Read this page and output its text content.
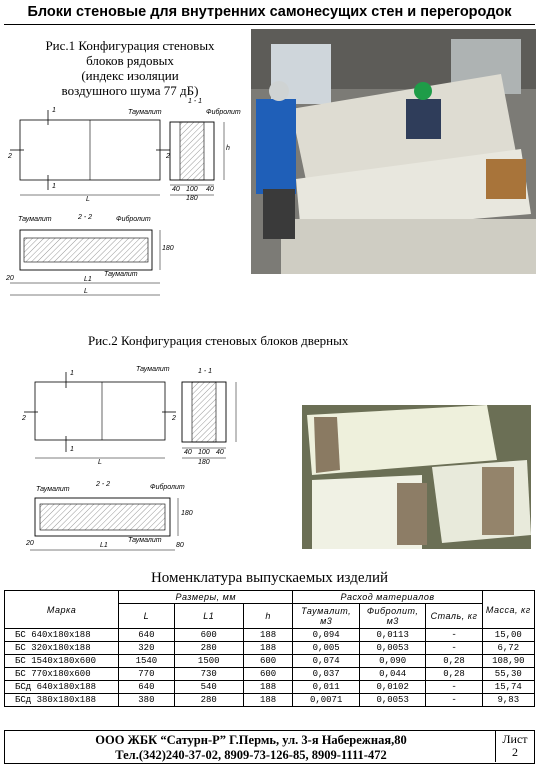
Блоки стеновые для внутренних самонесущих стен и перегородок
Рис.1 Конфигурация стеновых
блоков рядовых
(индекс изоляции
воздушного шума 77 дБ)
1
1
2	2
L
1 - 1
Таумалит	Фибролит
h
40 100 40
180
2 - 2
Таумалит	Фибролит
Таумалит
20	L1
L
180
Рис.2 Конфигурация стеновых блоков дверных
1
1
2	2
L
Таумалит	1 - 1
40 100 40
180
Таумалит
2 - 2	Фибролит
Таумалит
20	L1	80
180
Номенклатура выпускаемых изделий
Марка	Размеры, мм			Расход материалов			Масса, кг
	L	L1	h	Таумалит, м3	Фибролит, м3	Сталь, кг	
БС 640х180х188	640	600	188	0,094	0,0113	-	15,00
БС 320х180х188	320	280	188	0,005	0,0053	-	6,72
БС 1540х180х600	1540	1500	600	0,074	0,090	0,28	108,90
БС 770х180х600	770	730	600	0,037	0,044	0,28	55,30
БСд 640х180х188	640	540	188	0,011	0,0102	-	15,74
БСд 380х180х188	380	280	188	0,0071	0,0053	-	9,83
ООО ЖБК “Сатурн-Р” Г.Пермь, ул. 3-я Набережная,80
Тел.(342)240-37-02, 8909-73-126-85, 8909-1111-472
Лист
2
